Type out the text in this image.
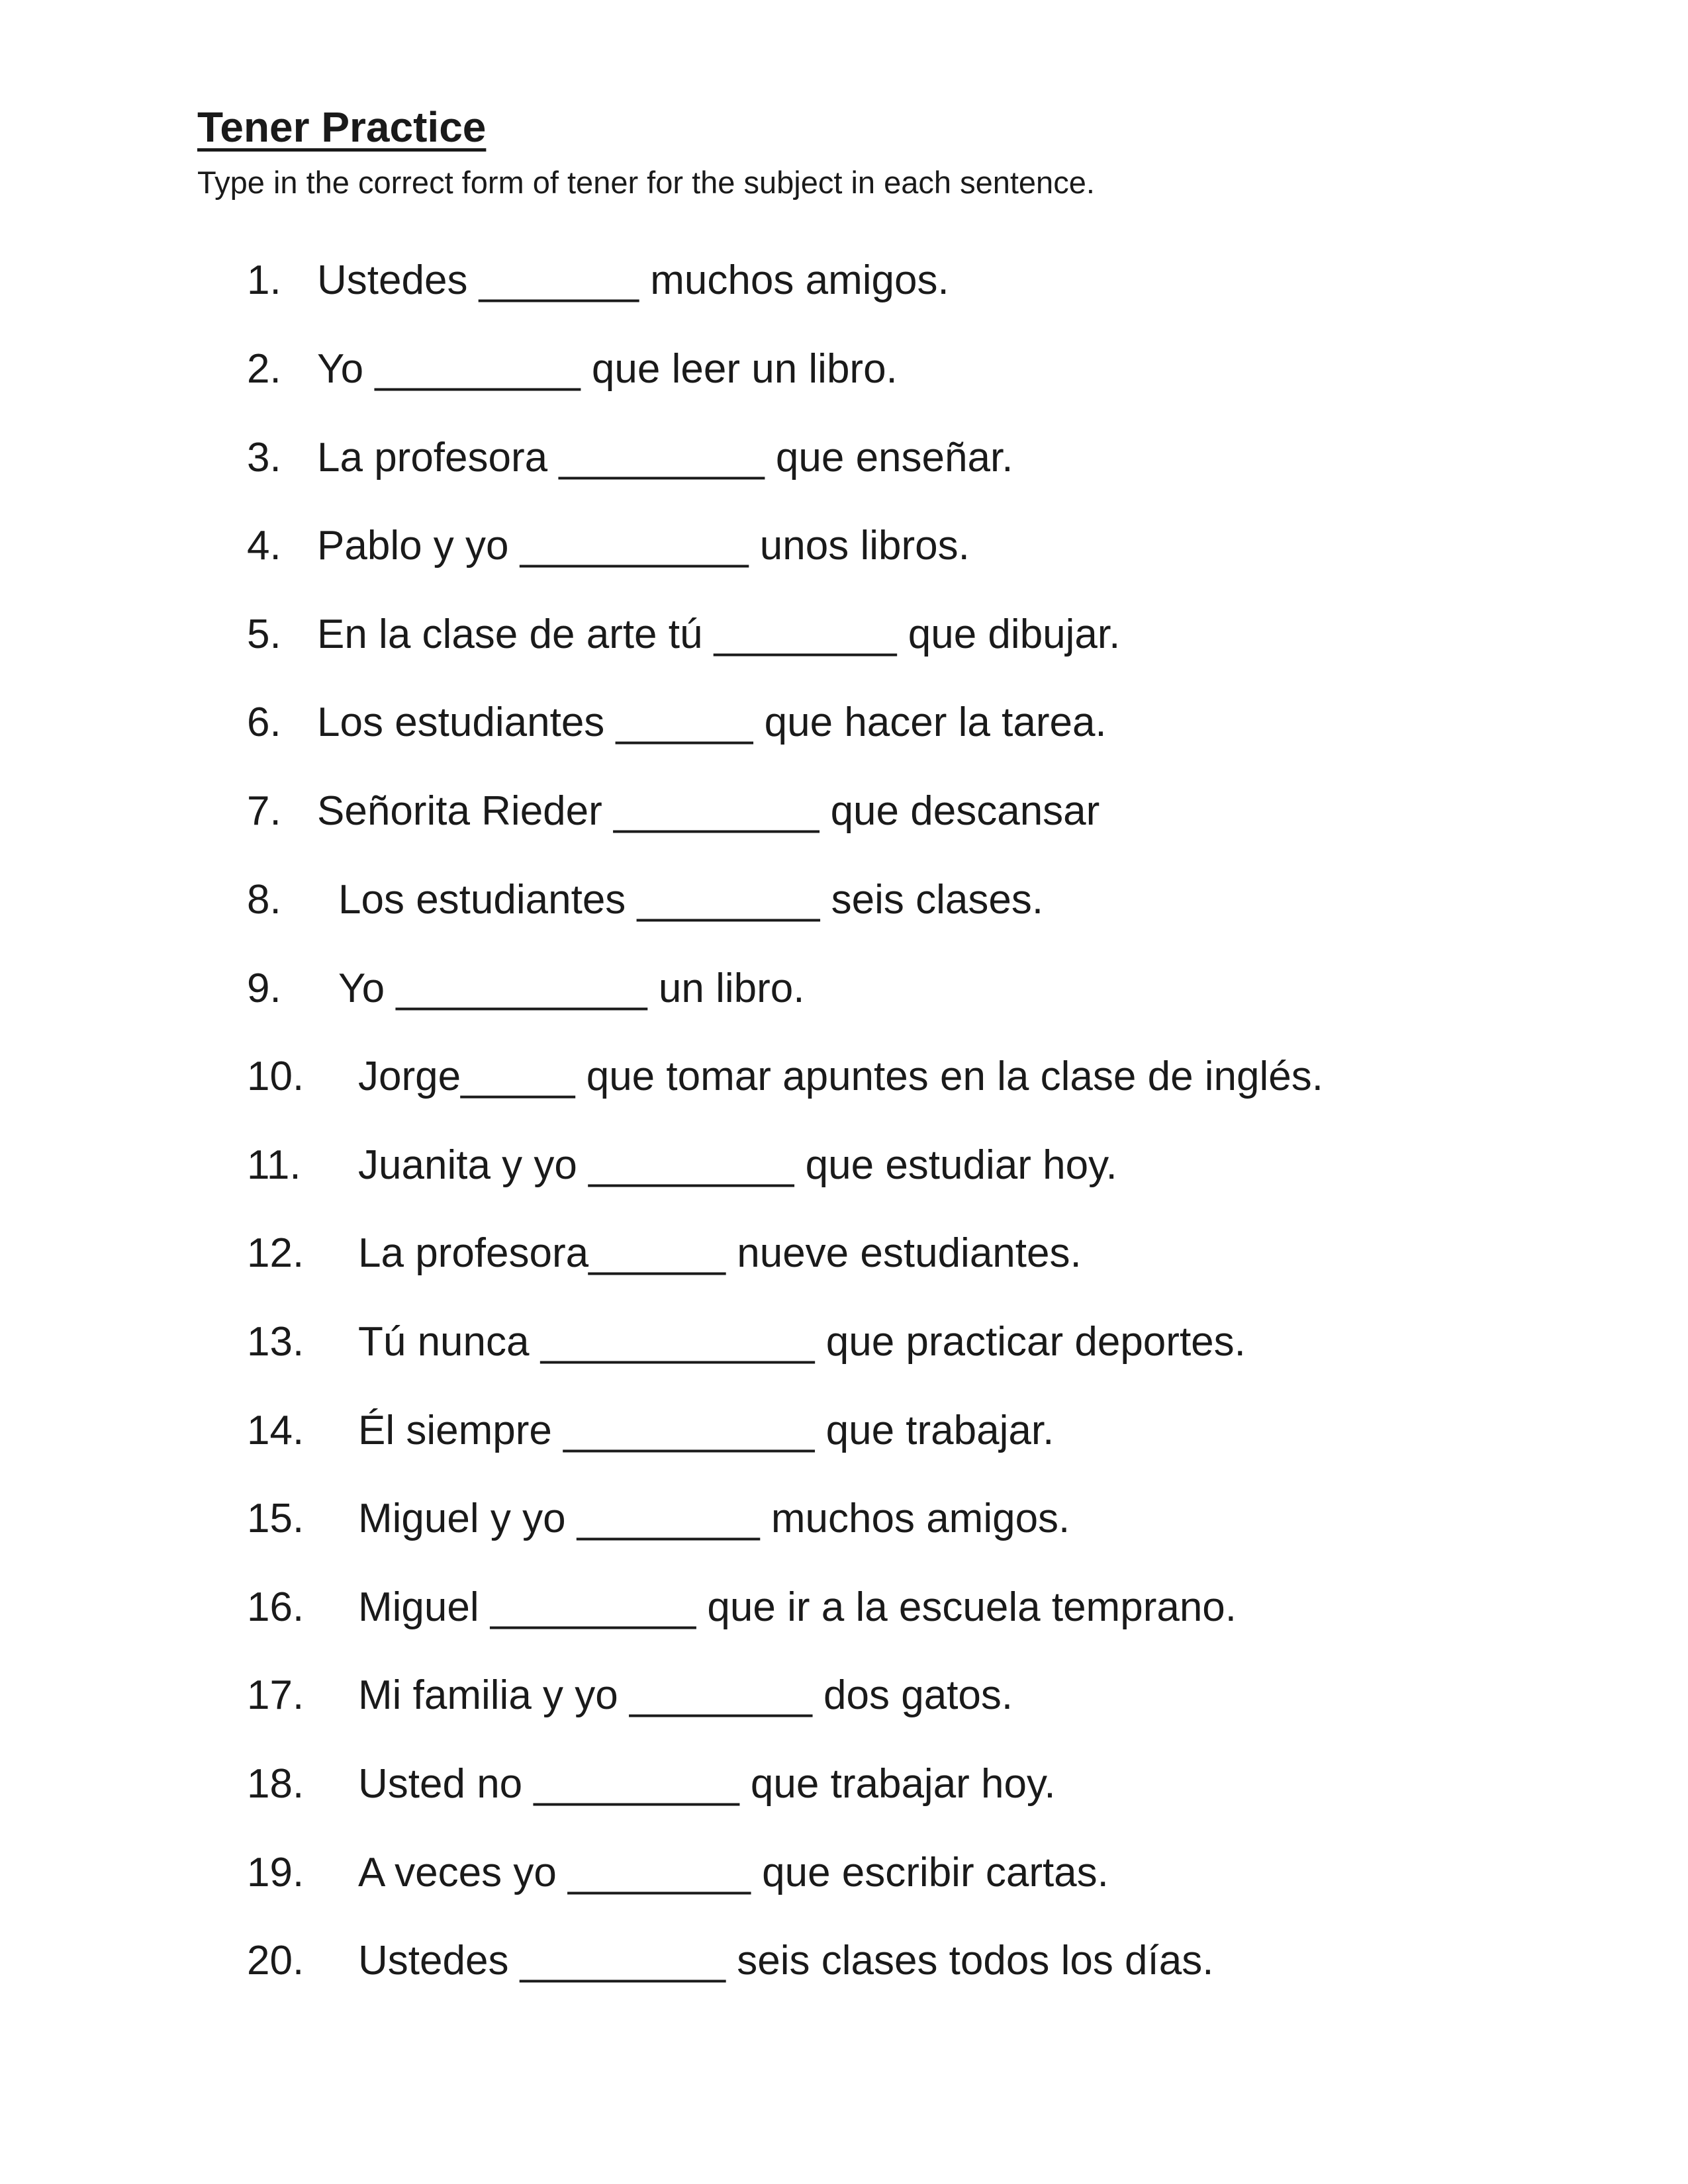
Tener Practice
Type in the correct form of tener for the subject in each sentence.
1. Ustedes _______ muchos amigos.
2. Yo _________ que leer un libro.
3. La profesora _________ que enseñar.
4. Pablo y yo __________ unos libros.
5. En la clase de arte tú ________ que dibujar.
6. Los estudiantes ______ que hacer la tarea.
7. Señorita Rieder _________ que descansar
8.	Los estudiantes ________ seis clases.
9.	Yo ___________ un libro.
10.	Jorge_____ que tomar apuntes en la clase de inglés.
11.	Juanita y yo _________ que estudiar hoy.
12.	La profesora______ nueve estudiantes.
13.	Tú nunca ____________ que practicar deportes.
14.	Él siempre ___________ que trabajar.
15.	Miguel y yo ________ muchos amigos.
16.	Miguel _________ que ir a la escuela temprano.
17.	Mi familia y yo ________ dos gatos.
18.	Usted no _________ que trabajar hoy.
19.	A veces yo ________ que escribir cartas.
20.	Ustedes _________ seis clases todos los días.
